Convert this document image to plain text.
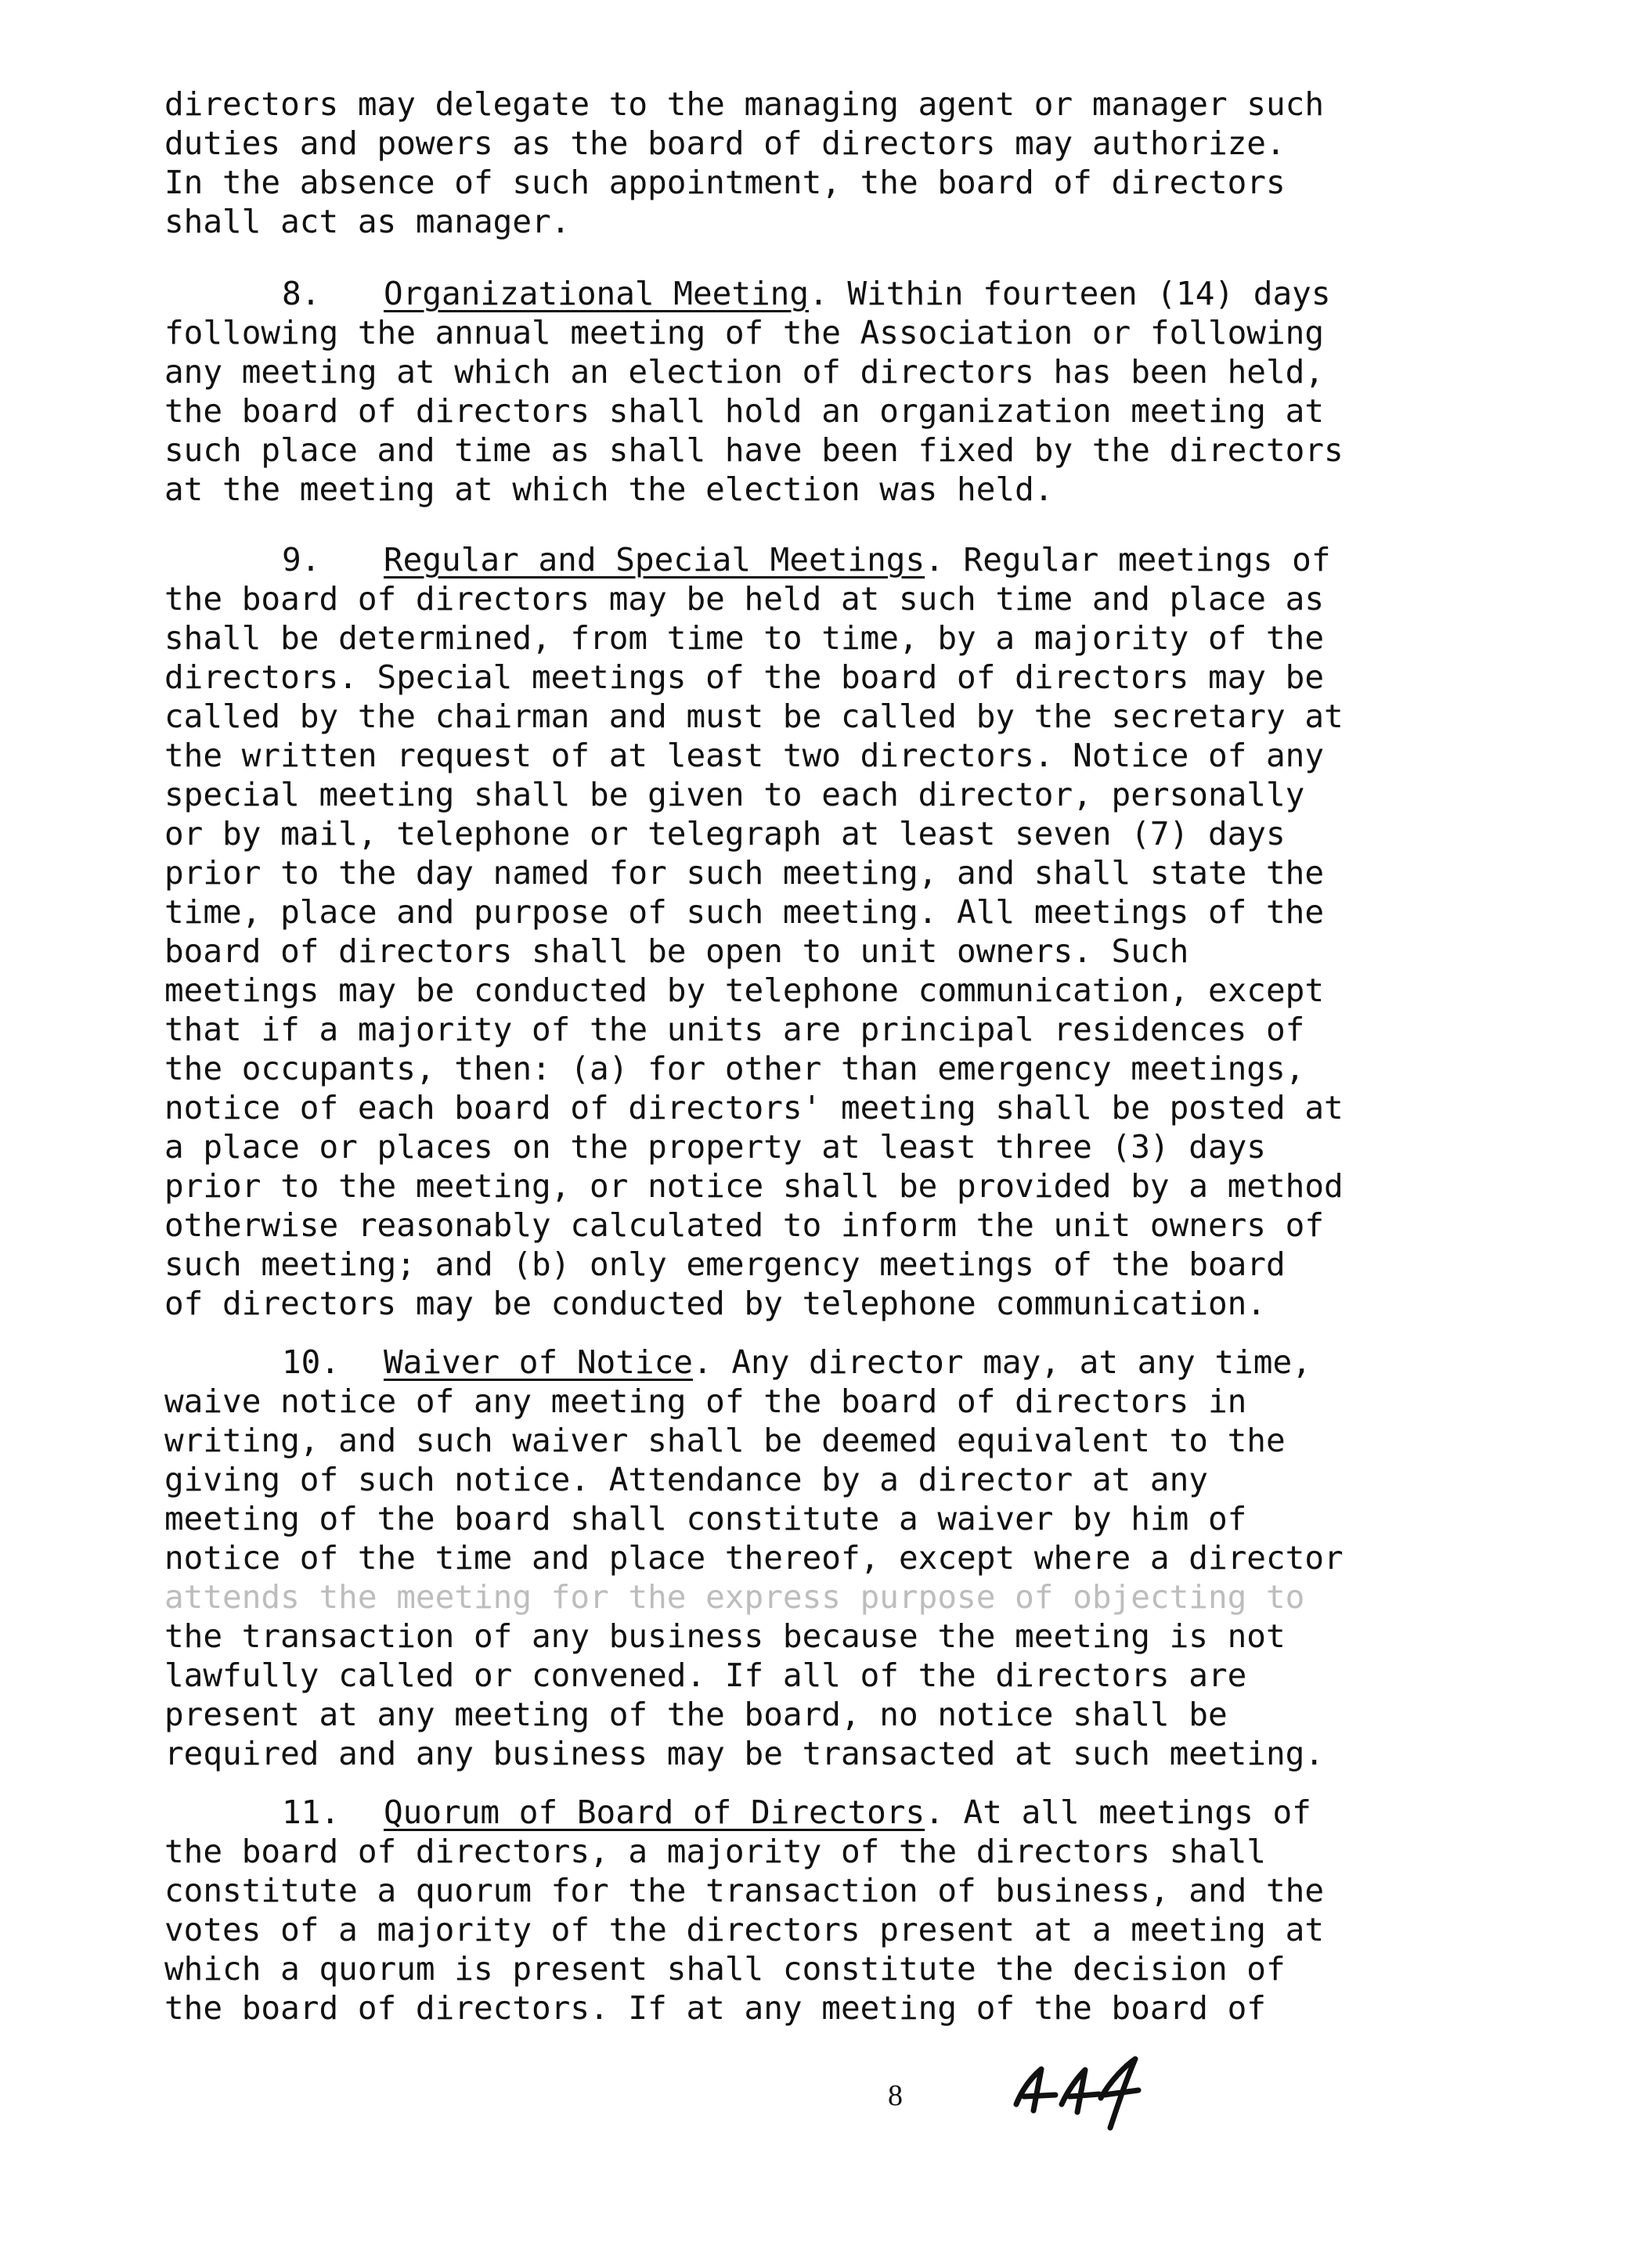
directors may delegate to the managing agent or manager such
duties and powers as the board of directors may authorize.
In the absence of such appointment, the board of directors
shall act as manager.
8. Organizational Meeting. Within fourteen (14) days
following the annual meeting of the Association or following
any meeting at which an election of directors has been held,
the board of directors shall hold an organization meeting at
such place and time as shall have been fixed by the directors
at the meeting at which the election was held.
9. Regular and Special Meetings. Regular meetings of
the board of directors may be held at such time and place as
shall be determined, from time to time, by a majority of the
directors. Special meetings of the board of directors may be
called by the chairman and must be called by the secretary at
the written request of at least two directors. Notice of any
special meeting shall be given to each director, personally
or by mail, telephone or telegraph at least seven (7) days
prior to the day named for such meeting, and shall state the
time, place and purpose of such meeting. All meetings of the
board of directors shall be open to unit owners. Such
meetings may be conducted by telephone communication, except
that if a majority of the units are principal residences of
the occupants, then: (a) for other than emergency meetings,
notice of each board of directors' meeting shall be posted at
a place or places on the property at least three (3) days
prior to the meeting, or notice shall be provided by a method
otherwise reasonably calculated to inform the unit owners of
such meeting; and (b) only emergency meetings of the board
of directors may be conducted by telephone communication.
10. Waiver of Notice. Any director may, at any time,
waive notice of any meeting of the board of directors in
writing, and such waiver shall be deemed equivalent to the
giving of such notice. Attendance by a director at any
meeting of the board shall constitute a waiver by him of
notice of the time and place thereof, except where a director
attends the meeting for the express purpose of objecting to
the transaction of any business because the meeting is not
lawfully called or convened. If all of the directors are
present at any meeting of the board, no notice shall be
required and any business may be transacted at such meeting.
11. Quorum of Board of Directors. At all meetings of
the board of directors, a majority of the directors shall
constitute a quorum for the transaction of business, and the
votes of a majority of the directors present at a meeting at
which a quorum is present shall constitute the decision of
the board of directors. If at any meeting of the board of
8
